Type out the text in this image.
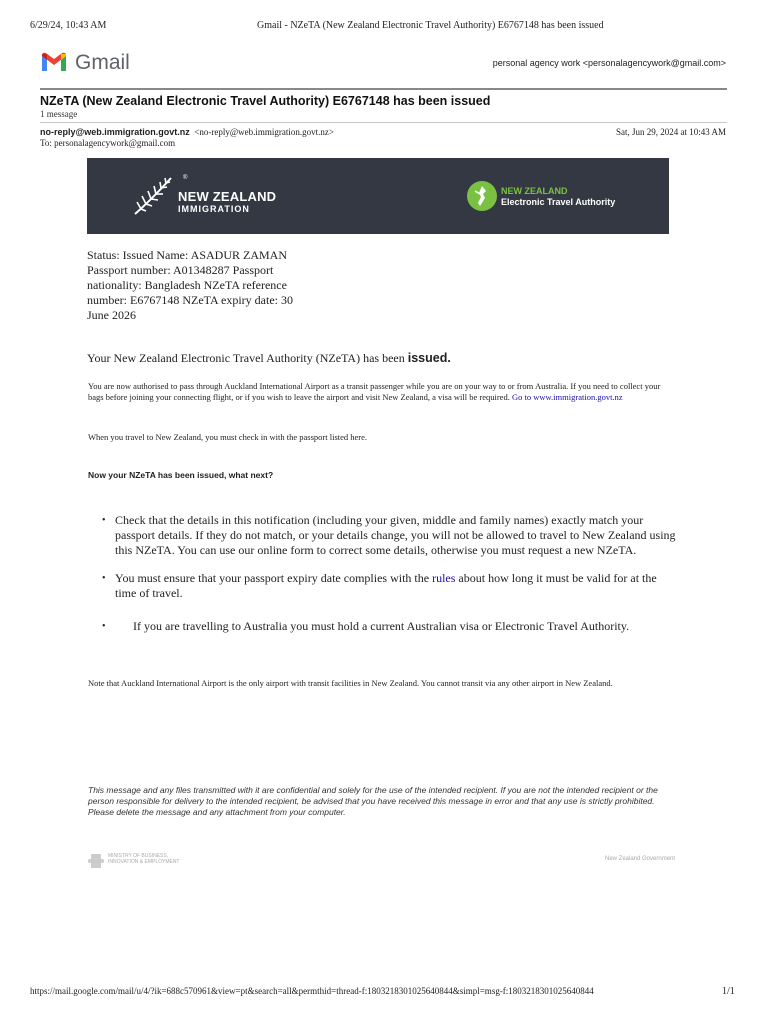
6/29/24, 10:43 AM	Gmail - NZeTA (New Zealand Electronic Travel Authority) E6767148 has been issued
Gmail	personal agency work <personalagencywork@gmail.com>
NZeTA (New Zealand Electronic Travel Authority) E6767148 has been issued
1 message
no-reply@web.immigration.govt.nz <no-reply@web.immigration.govt.nz>
To: personalagencywork@gmail.com
Sat, Jun 29, 2024 at 10:43 AM
®
NEW ZEALAND
IMMIGRATION
NEW ZEALAND
Electronic Travel Authority
Status: Issued Name: ASADUR ZAMAN Passport number: A01348287 Passport nationality: Bangladesh NZeTA reference number: E6767148 NZeTA expiry date: 30 June 2026
Your New Zealand Electronic Travel Authority (NZeTA) has been issued.
You are now authorised to pass through Auckland International Airport as a transit passenger while you are on your way to or from Australia. If you need to collect your bags before joining your connecting flight, or if you wish to leave the airport and visit New Zealand, a visa will be required. Go to www.immigration.govt.nz
When you travel to New Zealand, you must check in with the passport listed here.
Now your NZeTA has been issued, what next?
• Check that the details in this notification (including your given, middle and family names) exactly match your passport details. If they do not match, or your details change, you will not be allowed to travel to New Zealand using this NZeTA. You can use our online form to correct some details, otherwise you must request a new NZeTA.
• You must ensure that your passport expiry date complies with the rules about how long it must be valid for at the time of travel.
• If you are travelling to Australia you must hold a current Australian visa or Electronic Travel Authority.
Note that Auckland International Airport is the only airport with transit facilities in New Zealand. You cannot transit via any other airport in New Zealand.
This message and any files transmitted with it are confidential and solely for the use of the intended recipient. If you are not the intended recipient or the person responsible for delivery to the intended recipient, be advised that you have received this message in error and that any use is strictly prohibited. Please delete the message and any attachment from your computer.
MINISTRY OF BUSINESS,
INNOVATION & EMPLOYMENT	New Zealand Government
https://mail.google.com/mail/u/4/?ik=688c570961&view=pt&search=all&permthid=thread-f:1803218301025640844&simpl=msg-f:1803218301025640844	1/1
